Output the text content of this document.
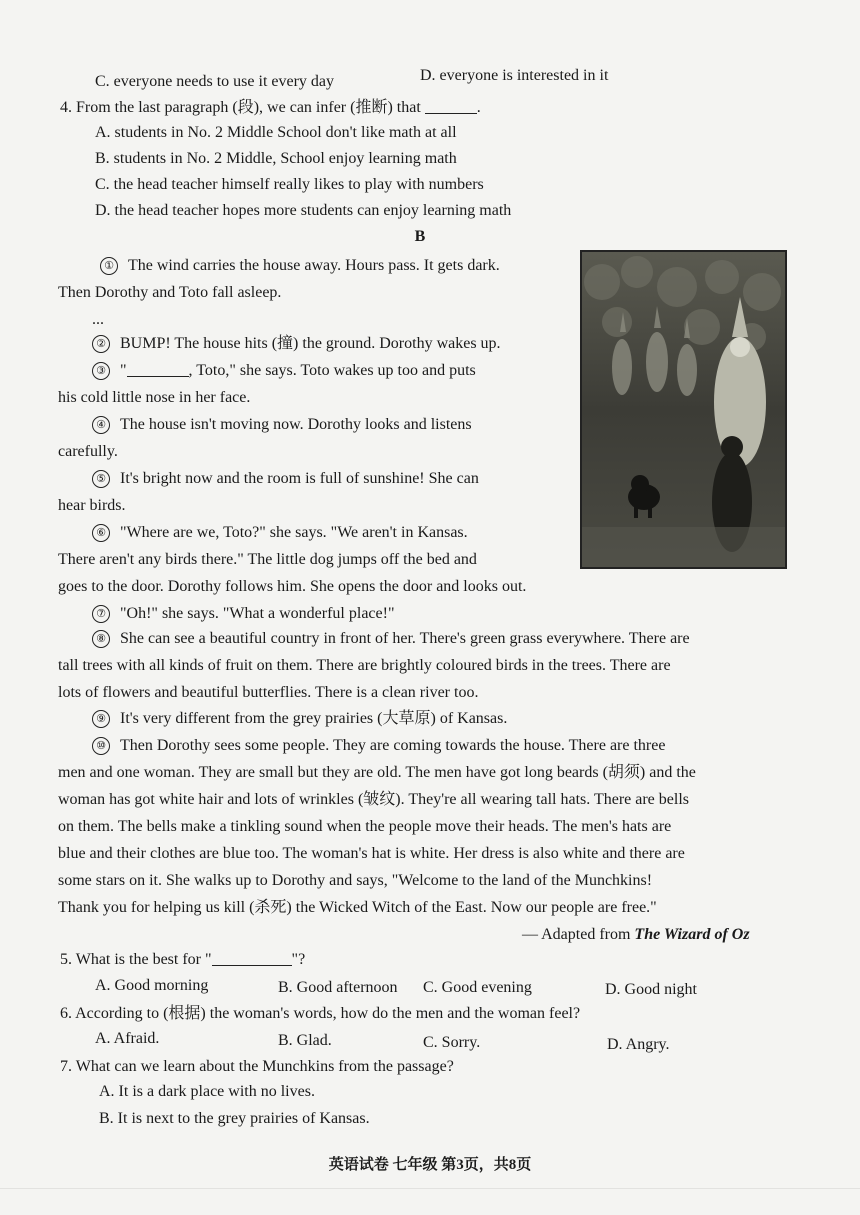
C. everyone needs to use it every day	D. everyone is interested in it
4. From the last paragraph (段), we can infer (推断) that	.
A. students in No. 2 Middle School don't like math at all
B. students in No. 2 Middle, School enjoy learning math
C. the head teacher himself really likes to play with numbers
D. the head teacher hopes more students can enjoy learning math
B
① The wind carries the house away. Hours pass. It gets dark.
Then Dorothy and Toto fall asleep.
...
② BUMP! The house hits (撞) the ground. Dorothy wakes up.
③ "	, Toto," she says. Toto wakes up too and puts
his cold little nose in her face.
④ The house isn't moving now. Dorothy looks and listens
carefully.
⑤ It's bright now and the room is full of sunshine! She can
hear birds.
⑥ "Where are we, Toto?" she says. "We aren't in Kansas.
There aren't any birds there." The little dog jumps off the bed and
goes to the door. Dorothy follows him. She opens the door and looks out.
⑦ "Oh!" she says. "What a wonderful place!"
⑧ She can see a beautiful country in front of her. There's green grass everywhere. There are
tall trees with all kinds of fruit on them. There are brightly coloured birds in the trees. There are
lots of flowers and beautiful butterflies. There is a clean river too.
⑨ It's very different from the grey prairies (大草原) of Kansas.
⑩ Then Dorothy sees some people. They are coming towards the house. There are three
men and one woman. They are small but they are old. The men have got long beards (胡须) and the
woman has got white hair and lots of wrinkles (皱纹). They're all wearing tall hats. There are bells
on them. The bells make a tinkling sound when the people move their heads. The men's hats are
blue and their clothes are blue too. The woman's hat is white. Her dress is also white and there are
some stars on it. She walks up to Dorothy and says, "Welcome to the land of the Munchkins!
Thank you for helping us kill (杀死) the Wicked Witch of the East. Now our people are free."
— Adapted from The Wizard of Oz
5. What is the best for "	"?
A. Good morning	B. Good afternoon C. Good evening	D. Good night
6. According to (根据) the woman's words, how do the men and the woman feel?
A. Afraid.	B. Glad.	C. Sorry.	D. Angry.
7. What can we learn about the Munchkins from the passage?
A. It is a dark place with no lives.
B. It is next to the grey prairies of Kansas.
英语试卷 七年级 第3页，共8页
